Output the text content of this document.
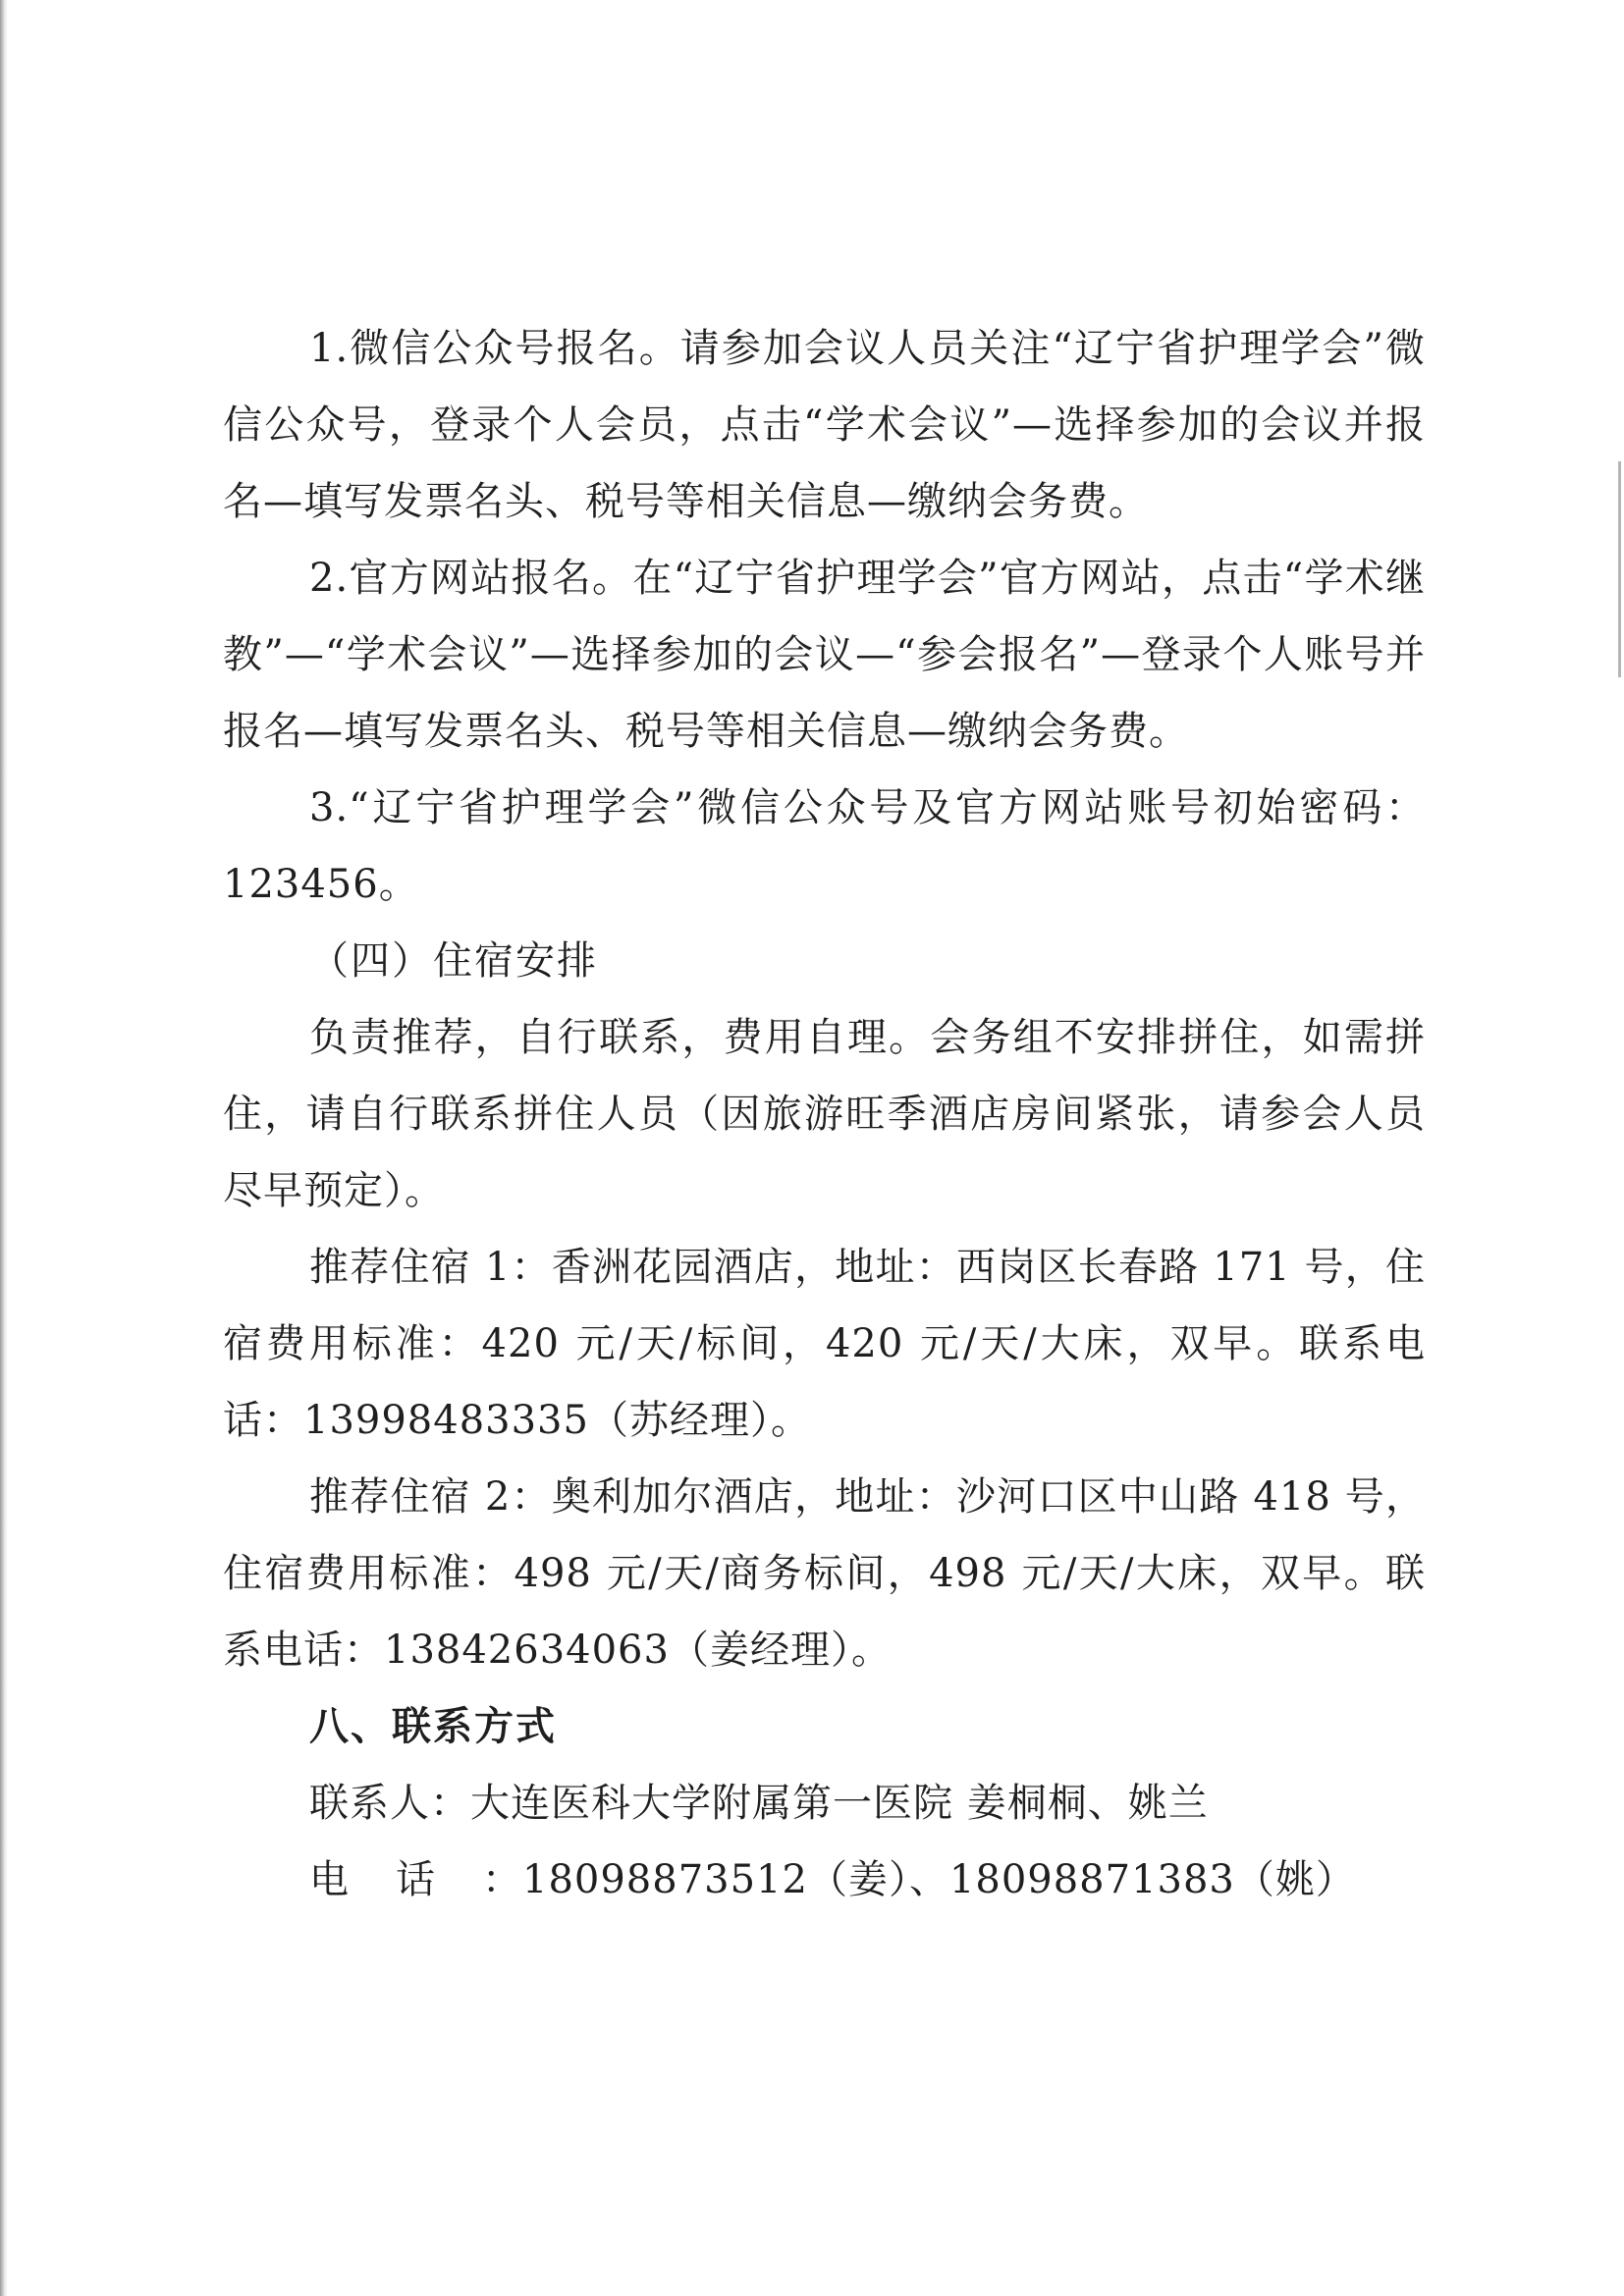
1.微信公众号报名。请参加会议人员关注“辽宁省护理学会”微信公众号，登录个人会员，点击“学术会议”—选择参加的会议并报名—填写发票名头、税号等相关信息—缴纳会务费。

2.官方网站报名。在“辽宁省护理学会”官方网站，点击“学术继教”—“学术会议”—选择参加的会议—“参会报名”—登录个人账号并报名—填写发票名头、税号等相关信息—缴纳会务费。

3.“辽宁省护理学会”微信公众号及官方网站账号初始密码：123456。

（四）住宿安排

负责推荐，自行联系，费用自理。会务组不安排拼住，如需拼住，请自行联系拼住人员（因旅游旺季酒店房间紧张，请参会人员尽早预定）。

推荐住宿 1：香洲花园酒店，地址：西岗区长春路 171 号，住宿费用标准：420 元/天/标间，420 元/天/大床，双早。联系电话：13998483335（苏经理）。

推荐住宿 2：奥利加尔酒店，地址：沙河口区中山路 418 号，住宿费用标准：498 元/天/商务标间，498 元/天/大床，双早。联系电话：13842634063（姜经理）。

八、联系方式

联系人：大连医科大学附属第一医院 姜桐桐、姚兰

电话：18098873512（姜）、18098871383（姚）
